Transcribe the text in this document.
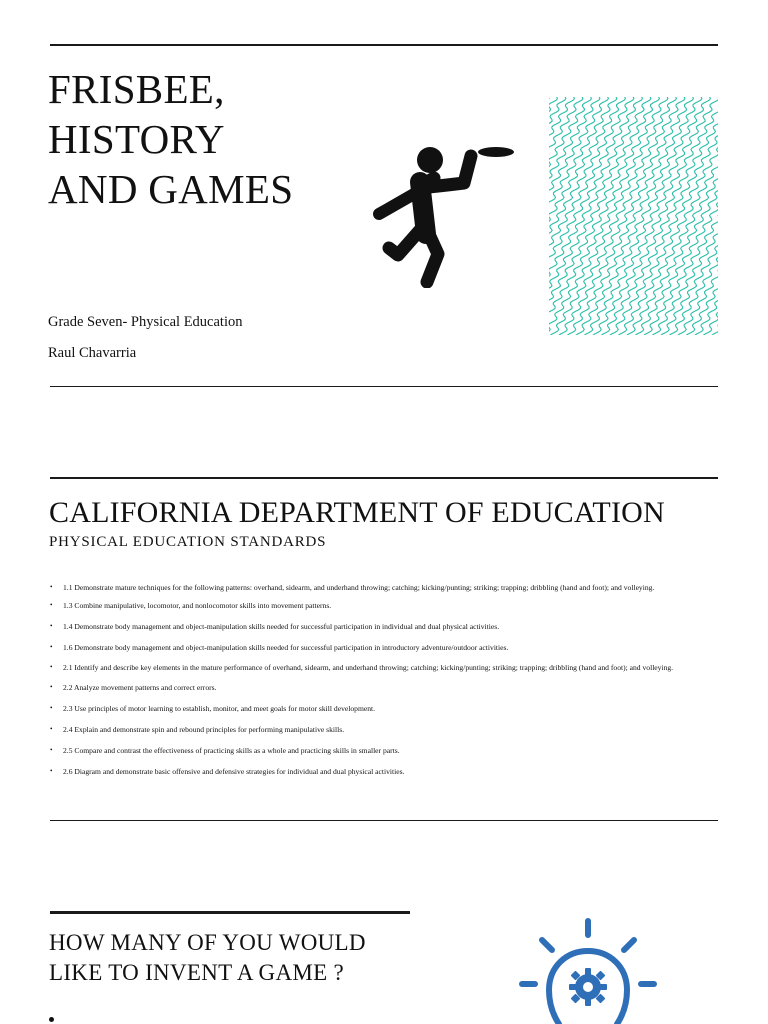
FRISBEE,
HISTORY
AND GAMES
Grade Seven- Physical Education
Raul Chavarria
CALIFORNIA DEPARTMENT OF EDUCATION
PHYSICAL EDUCATION STANDARDS
• 1.1 Demonstrate mature techniques for the following patterns: overhand, sidearm, and underhand throwing; catching; kicking/punting; striking; trapping; dribbling (hand and foot); and volleying.
• 1.3 Combine manipulative, locomotor, and nonlocomotor skills into movement patterns.
• 1.4 Demonstrate body management and object-manipulation skills needed for successful participation in individual and dual physical activities.
• 1.6 Demonstrate body management and object-manipulation skills needed for successful participation in introductory adventure/outdoor activities.
• 2.1 Identify and describe key elements in the mature performance of overhand, sidearm, and underhand throwing; catching; kicking/punting; striking; trapping; dribbling (hand and foot); and volleying.
• 2.2 Analyze movement patterns and correct errors.
• 2.3 Use principles of motor learning to establish, monitor, and meet goals for motor skill development.
• 2.4 Explain and demonstrate spin and rebound principles for performing manipulative skills.
• 2.5 Compare and contrast the effectiveness of practicing skills as a whole and practicing skills in smaller parts.
• 2.6 Diagram and demonstrate basic offensive and defensive strategies for individual and dual physical activities.
HOW MANY OF YOU WOULD
LIKE TO INVENT A GAME ?
